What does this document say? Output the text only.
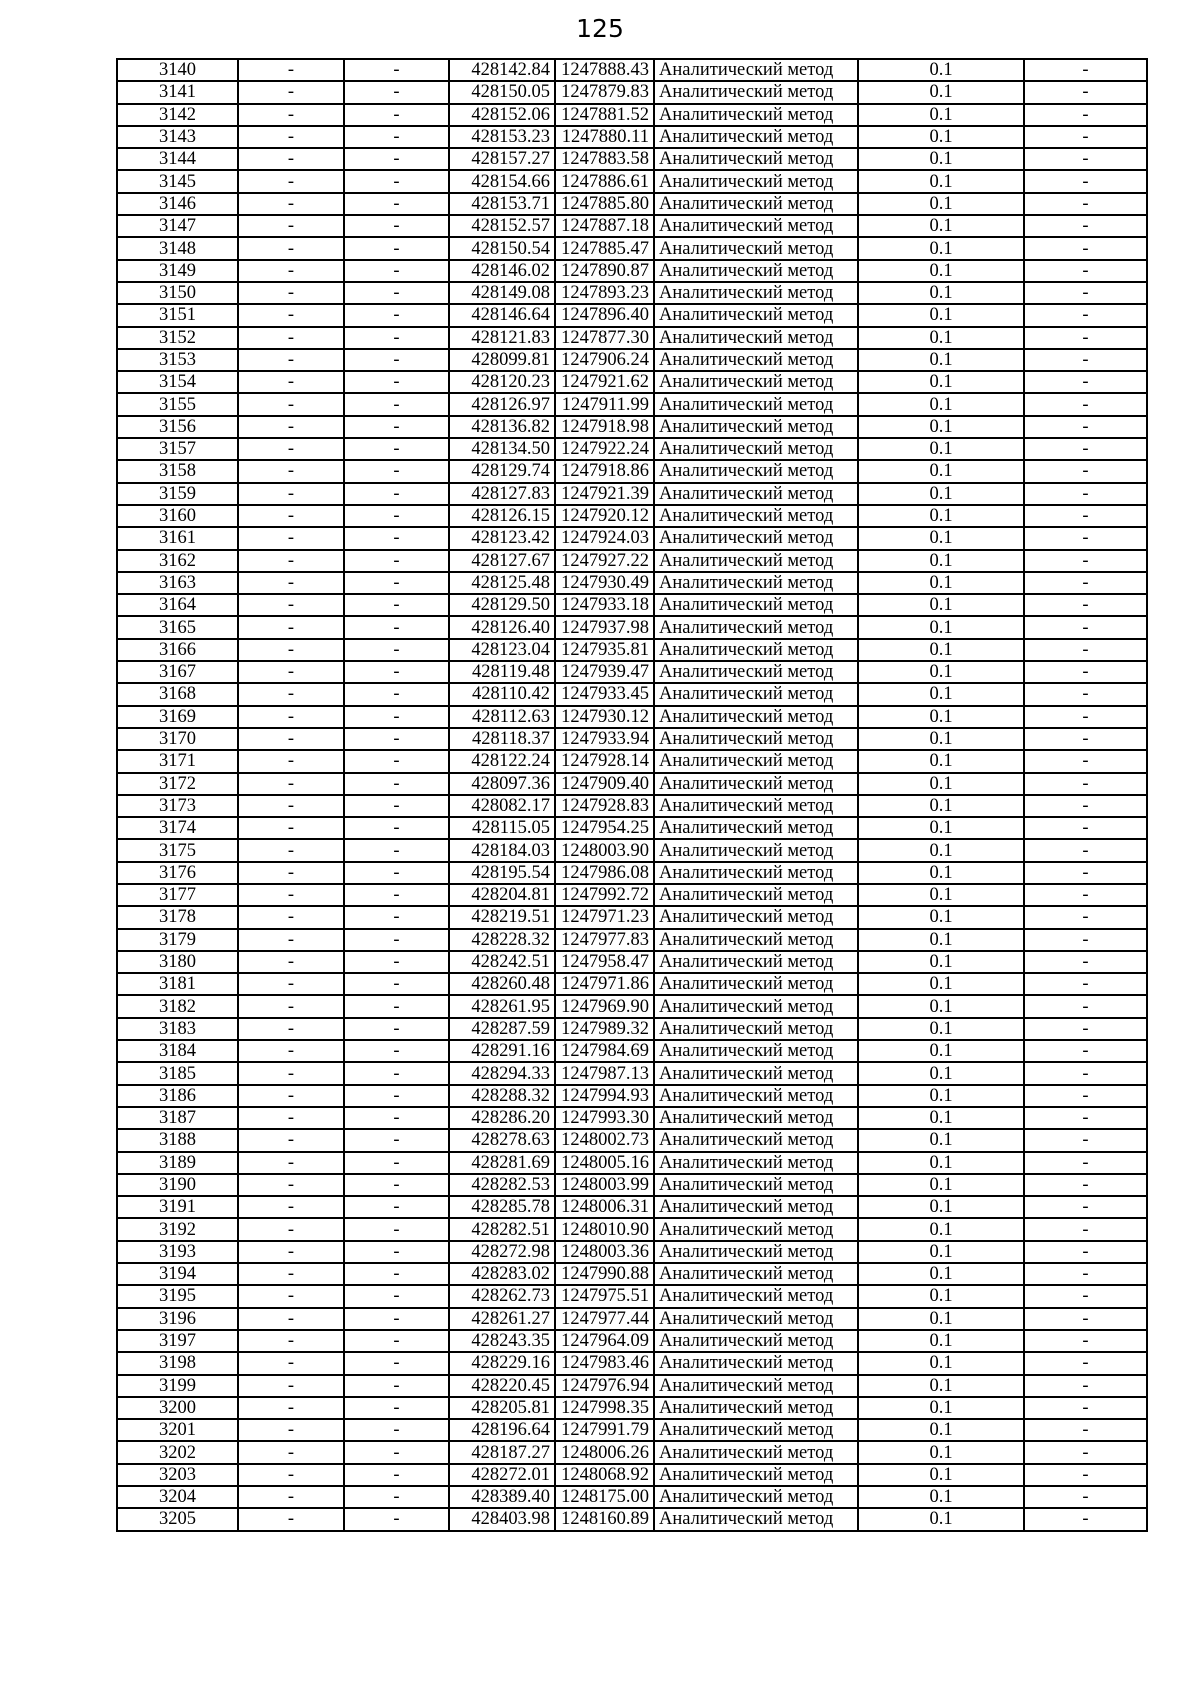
125
3140	-	-	428142.84	1247888.43	Аналитический метод	0.1	-
3141	-	-	428150.05	1247879.83	Аналитический метод	0.1	-
3142	-	-	428152.06	1247881.52	Аналитический метод	0.1	-
3143	-	-	428153.23	1247880.11	Аналитический метод	0.1	-
3144	-	-	428157.27	1247883.58	Аналитический метод	0.1	-
3145	-	-	428154.66	1247886.61	Аналитический метод	0.1	-
3146	-	-	428153.71	1247885.80	Аналитический метод	0.1	-
3147	-	-	428152.57	1247887.18	Аналитический метод	0.1	-
3148	-	-	428150.54	1247885.47	Аналитический метод	0.1	-
3149	-	-	428146.02	1247890.87	Аналитический метод	0.1	-
3150	-	-	428149.08	1247893.23	Аналитический метод	0.1	-
3151	-	-	428146.64	1247896.40	Аналитический метод	0.1	-
3152	-	-	428121.83	1247877.30	Аналитический метод	0.1	-
3153	-	-	428099.81	1247906.24	Аналитический метод	0.1	-
3154	-	-	428120.23	1247921.62	Аналитический метод	0.1	-
3155	-	-	428126.97	1247911.99	Аналитический метод	0.1	-
3156	-	-	428136.82	1247918.98	Аналитический метод	0.1	-
3157	-	-	428134.50	1247922.24	Аналитический метод	0.1	-
3158	-	-	428129.74	1247918.86	Аналитический метод	0.1	-
3159	-	-	428127.83	1247921.39	Аналитический метод	0.1	-
3160	-	-	428126.15	1247920.12	Аналитический метод	0.1	-
3161	-	-	428123.42	1247924.03	Аналитический метод	0.1	-
3162	-	-	428127.67	1247927.22	Аналитический метод	0.1	-
3163	-	-	428125.48	1247930.49	Аналитический метод	0.1	-
3164	-	-	428129.50	1247933.18	Аналитический метод	0.1	-
3165	-	-	428126.40	1247937.98	Аналитический метод	0.1	-
3166	-	-	428123.04	1247935.81	Аналитический метод	0.1	-
3167	-	-	428119.48	1247939.47	Аналитический метод	0.1	-
3168	-	-	428110.42	1247933.45	Аналитический метод	0.1	-
3169	-	-	428112.63	1247930.12	Аналитический метод	0.1	-
3170	-	-	428118.37	1247933.94	Аналитический метод	0.1	-
3171	-	-	428122.24	1247928.14	Аналитический метод	0.1	-
3172	-	-	428097.36	1247909.40	Аналитический метод	0.1	-
3173	-	-	428082.17	1247928.83	Аналитический метод	0.1	-
3174	-	-	428115.05	1247954.25	Аналитический метод	0.1	-
3175	-	-	428184.03	1248003.90	Аналитический метод	0.1	-
3176	-	-	428195.54	1247986.08	Аналитический метод	0.1	-
3177	-	-	428204.81	1247992.72	Аналитический метод	0.1	-
3178	-	-	428219.51	1247971.23	Аналитический метод	0.1	-
3179	-	-	428228.32	1247977.83	Аналитический метод	0.1	-
3180	-	-	428242.51	1247958.47	Аналитический метод	0.1	-
3181	-	-	428260.48	1247971.86	Аналитический метод	0.1	-
3182	-	-	428261.95	1247969.90	Аналитический метод	0.1	-
3183	-	-	428287.59	1247989.32	Аналитический метод	0.1	-
3184	-	-	428291.16	1247984.69	Аналитический метод	0.1	-
3185	-	-	428294.33	1247987.13	Аналитический метод	0.1	-
3186	-	-	428288.32	1247994.93	Аналитический метод	0.1	-
3187	-	-	428286.20	1247993.30	Аналитический метод	0.1	-
3188	-	-	428278.63	1248002.73	Аналитический метод	0.1	-
3189	-	-	428281.69	1248005.16	Аналитический метод	0.1	-
3190	-	-	428282.53	1248003.99	Аналитический метод	0.1	-
3191	-	-	428285.78	1248006.31	Аналитический метод	0.1	-
3192	-	-	428282.51	1248010.90	Аналитический метод	0.1	-
3193	-	-	428272.98	1248003.36	Аналитический метод	0.1	-
3194	-	-	428283.02	1247990.88	Аналитический метод	0.1	-
3195	-	-	428262.73	1247975.51	Аналитический метод	0.1	-
3196	-	-	428261.27	1247977.44	Аналитический метод	0.1	-
3197	-	-	428243.35	1247964.09	Аналитический метод	0.1	-
3198	-	-	428229.16	1247983.46	Аналитический метод	0.1	-
3199	-	-	428220.45	1247976.94	Аналитический метод	0.1	-
3200	-	-	428205.81	1247998.35	Аналитический метод	0.1	-
3201	-	-	428196.64	1247991.79	Аналитический метод	0.1	-
3202	-	-	428187.27	1248006.26	Аналитический метод	0.1	-
3203	-	-	428272.01	1248068.92	Аналитический метод	0.1	-
3204	-	-	428389.40	1248175.00	Аналитический метод	0.1	-
3205	-	-	428403.98	1248160.89	Аналитический метод	0.1	-
